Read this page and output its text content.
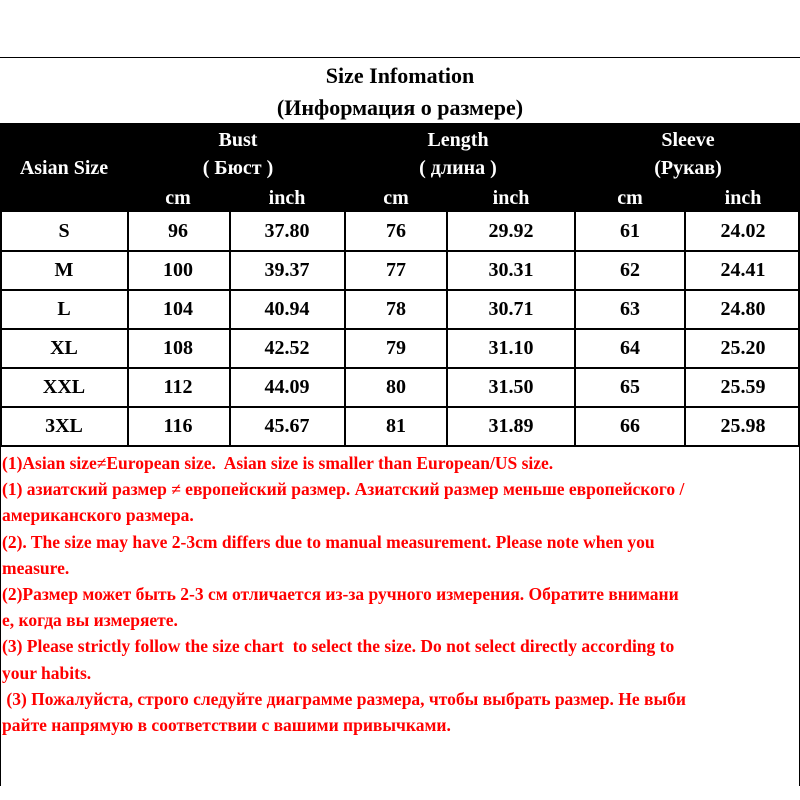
Size Infomation
(Информация о размере)
Asian Size
Bust
( Бюст )
Length
( длина )
Sleeve
(Рукав)
cm	inch	cm	inch	cm	inch
S	96	37.80	76	29.92	61	24.02
M	100	39.37	77	30.31	62	24.41
L	104	40.94	78	30.71	63	24.80
XL	108	42.52	79	31.10	64	25.20
XXL	112	44.09	80	31.50	65	25.59
3XL	116	45.67	81	31.89	66	25.98
(1)Asian size≠European size.  Asian size is smaller than European/US size.
(1) азиатский размер ≠ европейский размер. Азиатский размер меньше европейского /
американского размера.
(2). The size may have 2-3cm differs due to manual measurement. Please note when you
measure.
(2)Размер может быть 2-3 см отличается из-за ручного измерения. Обратите внимани
е, когда вы измеряете.
(3) Please strictly follow the size chart  to select the size. Do not select directly according to
your habits.
(3) Пожалуйста, строго следуйте диаграмме размера, чтобы выбрать размер. Не выби
райте напрямую в соответствии с вашими привычками.
